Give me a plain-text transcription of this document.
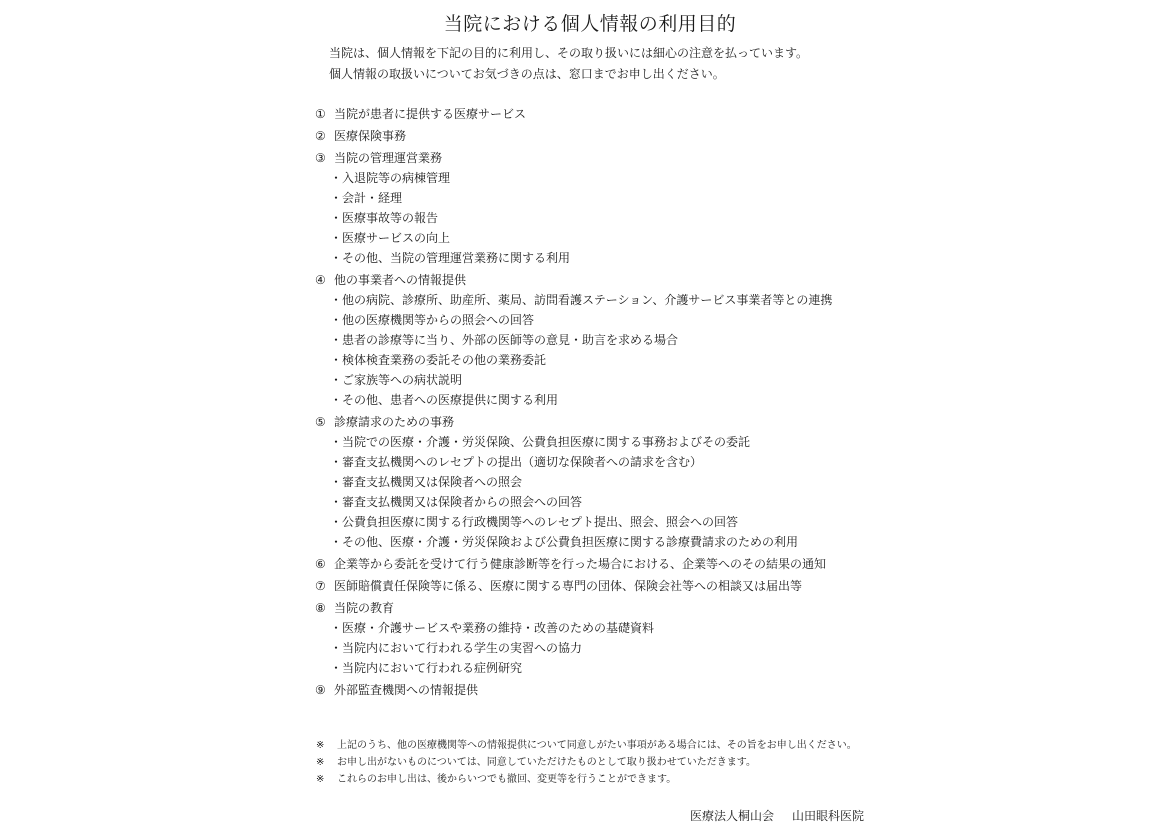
当院における個人情報の利用目的
当院は、個人情報を下記の目的に利用し、その取り扱いには細心の注意を払っています。
個人情報の取扱いについてお気づきの点は、窓口までお申し出ください。
① 当院が患者に提供する医療サービス
② 医療保険事務
③ 当院の管理運営業務
・入退院等の病棟管理
・会計・経理
・医療事故等の報告
・医療サービスの向上
・その他、当院の管理運営業務に関する利用
④ 他の事業者への情報提供
・他の病院、診療所、助産所、薬局、訪問看護ステーション、介護サービス事業者等との連携
・他の医療機関等からの照会への回答
・患者の診療等に当り、外部の医師等の意見・助言を求める場合
・検体検査業務の委託その他の業務委託
・ご家族等への病状説明
・その他、患者への医療提供に関する利用
⑤ 診療請求のための事務
・当院での医療・介護・労災保険、公費負担医療に関する事務およびその委託
・審査支払機関へのレセプトの提出（適切な保険者への請求を含む）
・審査支払機関又は保険者への照会
・審査支払機関又は保険者からの照会への回答
・公費負担医療に関する行政機関等へのレセプト提出、照会、照会への回答
・その他、医療・介護・労災保険および公費負担医療に関する診療費請求のための利用
⑥ 企業等から委託を受けて行う健康診断等を行った場合における、企業等へのその結果の通知
⑦ 医師賠償責任保険等に係る、医療に関する専門の団体、保険会社等への相談又は届出等
⑧ 当院の教育
・医療・介護サービスや業務の維持・改善のための基礎資料
・当院内において行われる学生の実習への協力
・当院内において行われる症例研究
⑨ 外部監査機関への情報提供
※ 上記のうち、他の医療機関等への情報提供について同意しがたい事項がある場合には、その旨をお申し出ください。
※ お申し出がないものについては、同意していただけたものとして取り扱わせていただきます。
※ これらのお申し出は、後からいつでも撤回、変更等を行うことができます。
医療法人桐山会 山田眼科医院
